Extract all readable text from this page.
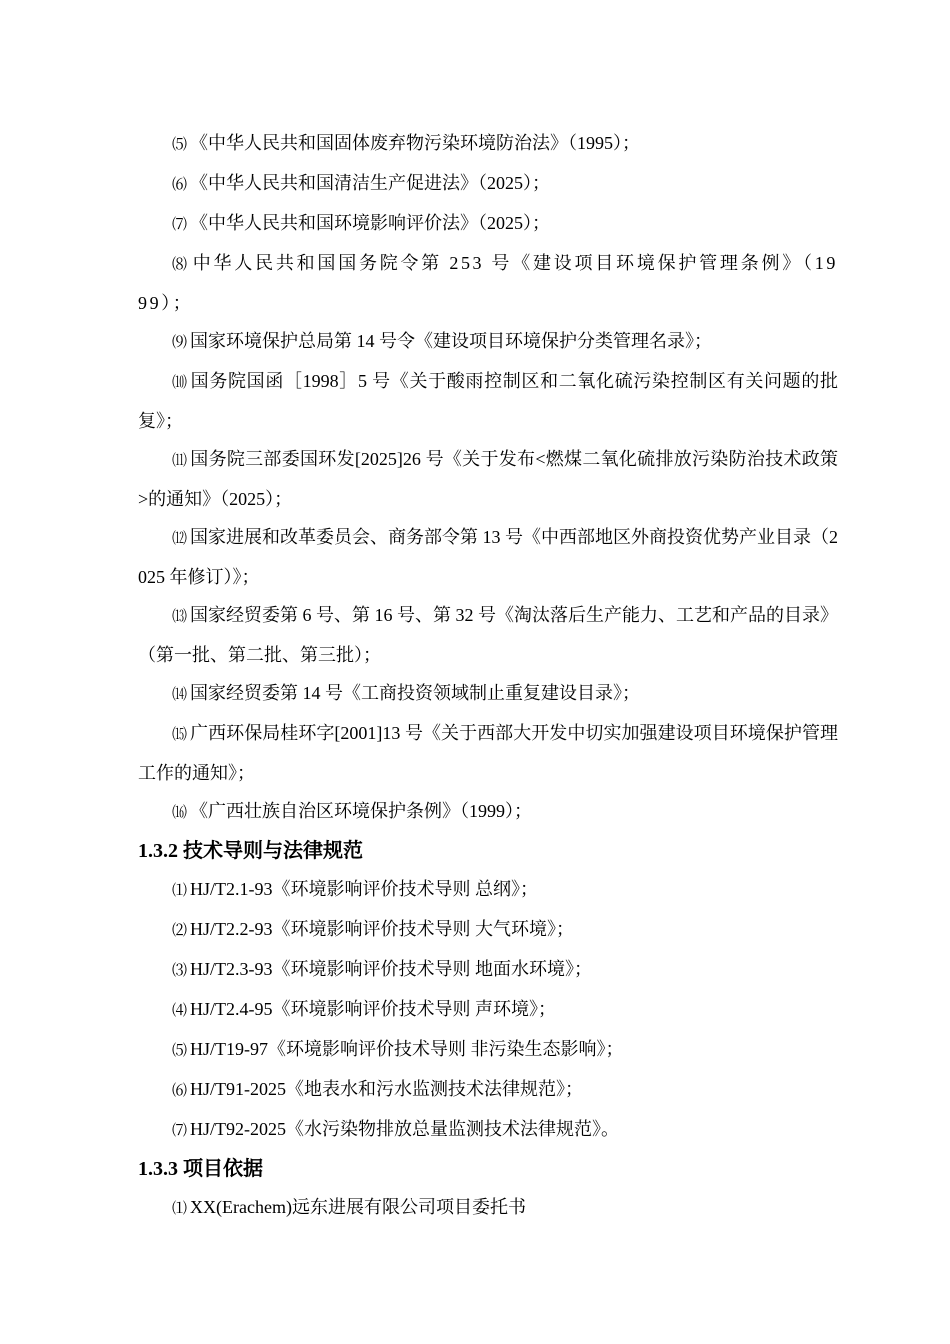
⑸ 《中华人民共和国固体废弃物污染环境防治法》（1995）；

⑹ 《中华人民共和国清洁生产促进法》（2025）；

⑺ 《中华人民共和国环境影响评价法》（2025）；

⑻ 中华人民共和国国务院令第 253 号《建设项目环境保护管理条例》（1999）；

⑼ 国家环境保护总局第 14 号令《建设项目环境保护分类管理名录》；

⑽ 国务院国函［1998］5 号《关于酸雨控制区和二氧化硫污染控制区有关问题的批复》；

⑾ 国务院三部委国环发[2025]26 号《关于发布<燃煤二氧化硫排放污染防治技术政策>的通知》（2025）；

⑿ 国家进展和改革委员会、商务部令第 13 号《中西部地区外商投资优势产业目录（2025 年修订）》；

⒀ 国家经贸委第 6 号、第 16 号、第 32 号《淘汰落后生产能力、工艺和产品的目录》（第一批、第二批、第三批）；

⒁ 国家经贸委第 14 号《工商投资领域制止重复建设目录》；

⒂ 广西环保局桂环字[2001]13 号《关于西部大开发中切实加强建设项目环境保护管理工作的通知》；

⒃ 《广西壮族自治区环境保护条例》（1999）；

1.3.2 技术导则与法律规范

⑴ HJ/T2.1-93《环境影响评价技术导则 总纲》；

⑵ HJ/T2.2-93《环境影响评价技术导则 大气环境》；

⑶ HJ/T2.3-93《环境影响评价技术导则 地面水环境》；

⑷ HJ/T2.4-95《环境影响评价技术导则 声环境》；

⑸ HJ/T19-97《环境影响评价技术导则 非污染生态影响》；

⑹ HJ/T91-2025《地表水和污水监测技术法律规范》；

⑺ HJ/T92-2025《水污染物排放总量监测技术法律规范》。

1.3.3 项目依据

⑴ XX(Erachem)远东进展有限公司项目委托书
